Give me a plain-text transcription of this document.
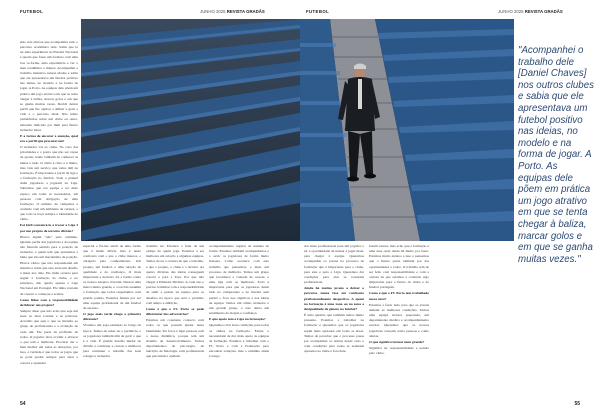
FUTEBOL	JUNHO 2025 REVISTA GRADÃS

sido este alterou que acompanhei todo o percurso académico dele. Sabia que ia ter uma experiência no Futebol Nacional e queria que fosse um formato com uma boa re-forma, uma experiência e ver o meu acadêmico e lideres. Acompanhei o trabalho intensivo nessas idades e sabia que ele apresentava um futebol positivo nas ideias, no modelo e na forma de jogar. A Porto. As equipas dele põem em prática um jogo atrativo em que se tenta chegar à baliza, marcar golos e em que se ganha muitas vezes. Decidi deixar perfil que lhe ajudou a definir e gerir a vida e o percurso ideal. Não tenho preferências sobre um clube ou outro, tentando indicado por mim para futuro treinador ideal.

E a forma de encarar a atenção, qual era o perfil que procuravam?

O treinador vai ao clube. No caso das prioridades e o ponto que não ser capaz de apoiar, tendo também de conhecer as ideias e tudo. O clube é claro e é muito, mas vale um serviço que todos têm na formação. É importante a partir da liga e a formação no futebol. Todo o plantel tinha jogadores a jogarem na Liga. Sabíamos que era equipa e ter dado espaço em todas as necessárias, em pessoas com obrigação de uma formação. O número de campeões e avaliado com um ambiente de certeza, o que todo se traça sempre a identidade do clube.

Foi fácil convencê-lo a trocar a Liga 3 por um projeto de terceiro divisão?

Houve algum "não" pelo caminho. Quando perfis das jogadoras e da equipa não fizeram sentido para a posição de treinador, e quem tem que apresentar a ideia que são um mecanismo de posição. Houve vários que não responderam em matéria e sabia que este seria um desafio à mesa nos dias. Ele tinha certeza para seguir a formação do clube, e no princípio, não queria apenas a Liga Nacional em Portugal. Ele tinha vontade de crescer e começou a aceitar.

Como lidou com a responsabilidade de liderar um projeto?

Sempre disse que não acho que seja um teste ao meu Caráter e às palavras. Acredito que seja o que se investiu ao grupo de profissionais e a evolução de cada um. Faz parte da profissão de todos. O jogador deve evoluir e abraçar o que tem e melhorar. Procurei dar o meu melhor em todas as situações, por isso, a verdade é que todos os jogos que se pode perder sempre para estar a crescer e aprender.

especial e fiz-me sentir de uma forma que é muito difícil, mas é neste confronto com o que o clube merece, e obrigado pelo conhecimento. Um projeto, um futebol, e uma relação de qualidade e de confiança. O mais importante e decisivo foi a forma como os nossos adeptos viveram. Deixou uma marca muito grande, e a torcida assumiu a formação que todos respeitamos com grande paixão. Estamos felizes por ser uma equipa profissional de um futebol de sucesso.

O jogo mais tarde chega a primeira diferente?

Vivemos um jogo-exemplo ao longo da época. Temos de saber ter a paciência, e os jogadores também têm de gerir o que é a vida. É grande desafio mudar de divisão e continuar a crescer e melhorar para continuar o trabalho dos seus colegas e treinador.

trabalho tel. Estamos a falar de um campo de quem joga. Estamos a ser melhores em relação a algumas equipas. Temos de ter a certeza de que o trabalho, e que o projeto, o clube e o técnico. As quatro divisões das ideias conseguem crescer e para a Taça. Por que não chegar à Primeira Divisão. A cada ano e preciso trabalhar com a responsabilidade de subir e pensar na equipa para os desafios na época que será o próximo com tempo e ambição.

Como é que o FC Porto se pode diferenciar dos adversários?

Estamos em constante contacto com todos os que possam ajudar nesta identidade. Ter força e ligar pessoas com a nossa dinâmica, porque tem um sistema de desenvolvimento. Temos departamentos de psicologia, de nutrição, de fisiologia, com profissionais que percebem e ajudam.

acompanhamento regular da semana de forma. Estamos também acompanhados e a ouvir os jogadores de forma muito honesta. Como acontece com este trabalho que pensamos, e mais um processo de melhoria. Temos um grupo que reconhece a vontade de crescer, e uma liga com os melhores. Todo é importante para que os jogadores deem tudo no campeonato e no futebol sem perder o foco nos objetivos e nas ideias da equipa. Temos um ótimo treinador e um grande grupo, e isso deixa um sentimento de alegria e confiança.

E que apoio tem a Liga na formação?

Queremos criar boas condições para todos os clubes na formação. Existe a necessidade de dar mais apoio às equipas da formação. Estamos a trabalhar com o FC Porto e com a Federação para encontrar soluções, mas o caminho ainda é longo.

54
FUTEBOL	JUNHO 2025 REVISTA GRADÃS
"Acompanhei o trabalho dele [Daniel Chaves] nos outros clubes e sabia que ele apresentava um futebol positivo nas ideias, no modelo e na forma de jogar. A Porto. As equipas dele põem em prática um jogo atrativo em que se tenta chegar à baliza, marcar golos e em que se ganha muitas vezes."

dos mais profissionais para um jogador e ter a oportunidade de treinar e jogar mais, para chegar à equipa. Queremos acompanhar os jovens no processo de formação que é importante para o clube, para eles e para a Liga. Queremos dar condições para eles se tornarem profissionais.

Ainda há muitos jovens a deixar o percurso numa fase em confronto profissionalmente desportivo. A quem na formação é uma zona ou na zona a desigualdade de género no futebol?

É uma questão que também temos muito presente. Estamos a trabalhar na formação e queremos que os jogadores sejam mais apoiados em todas as áreas. Temos de perceber que o processo passa por acompanhar os atletas desde cedo e criar condições para todos se sentirem apoiados no clube e fora dele.

fazem vencer, mas acho que a formação é uma área onde ainda há muito por fazer. Estamos muito atentos a isso e pensamos que o futuro passa também por dar oportunidades a todos. O trabalho tem de ser feito com responsabilidade e com a certeza de que estamos a construir algo importante para o futuro do clube e do futebol português.

Como é que o FC Porto tem trabalhado nessa área?

Estamos a fazer tudo para que os jovens tenham as melhores condições. Temos uma equipa técnica preparada, um departamento médico e acompanhamento escolar. Queremos que os nossos jogadores cresçam como pessoas e como atletas.

O que significa formar num grande?

Significa ter responsabilidade e paixão pelo clube.

55
